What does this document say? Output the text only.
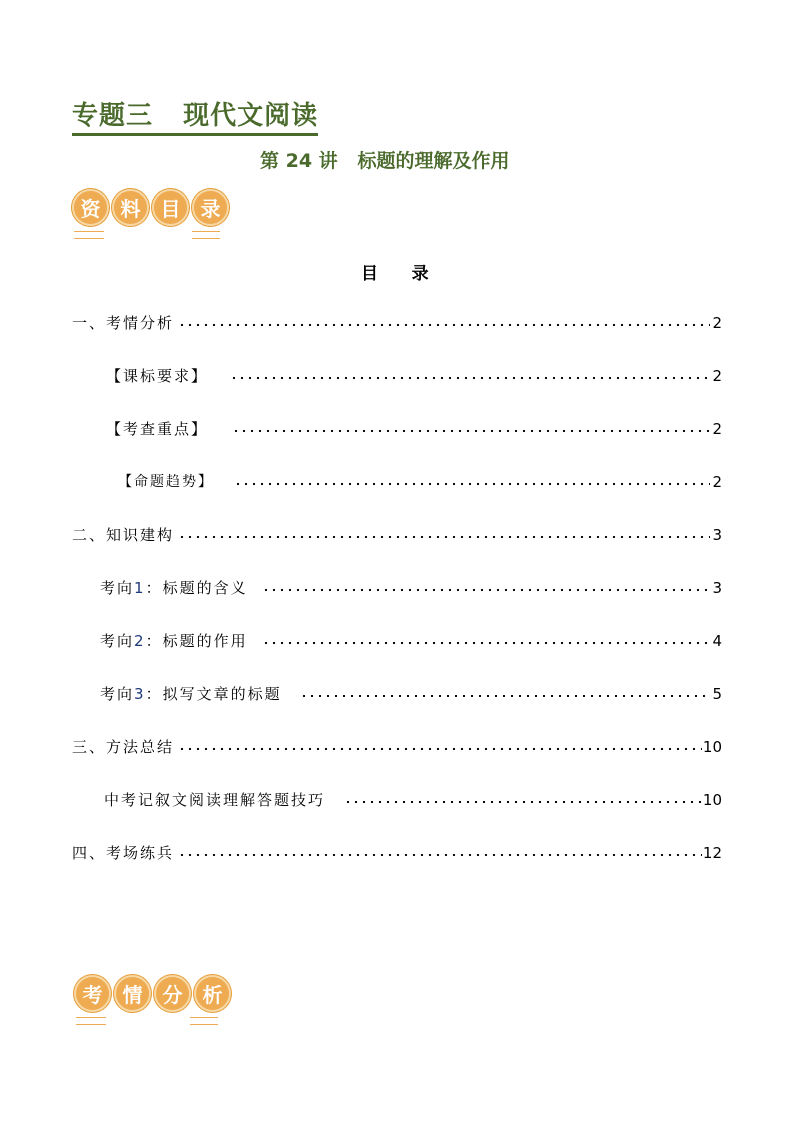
专题三   现代文阅读
第 24 讲   标题的理解及作用
资	料	目	录
目    录
一、考情分析	2
【课标要求】	2
【考查重点】	2
【命题趋势】	2
二、知识建构	3
考向1：标题的含义	3
考向2：标题的作用	4
考向3：拟写文章的标题	5
三、方法总结	10
中考记叙文阅读理解答题技巧	10
四、考场练兵	12
考	情	分	析
